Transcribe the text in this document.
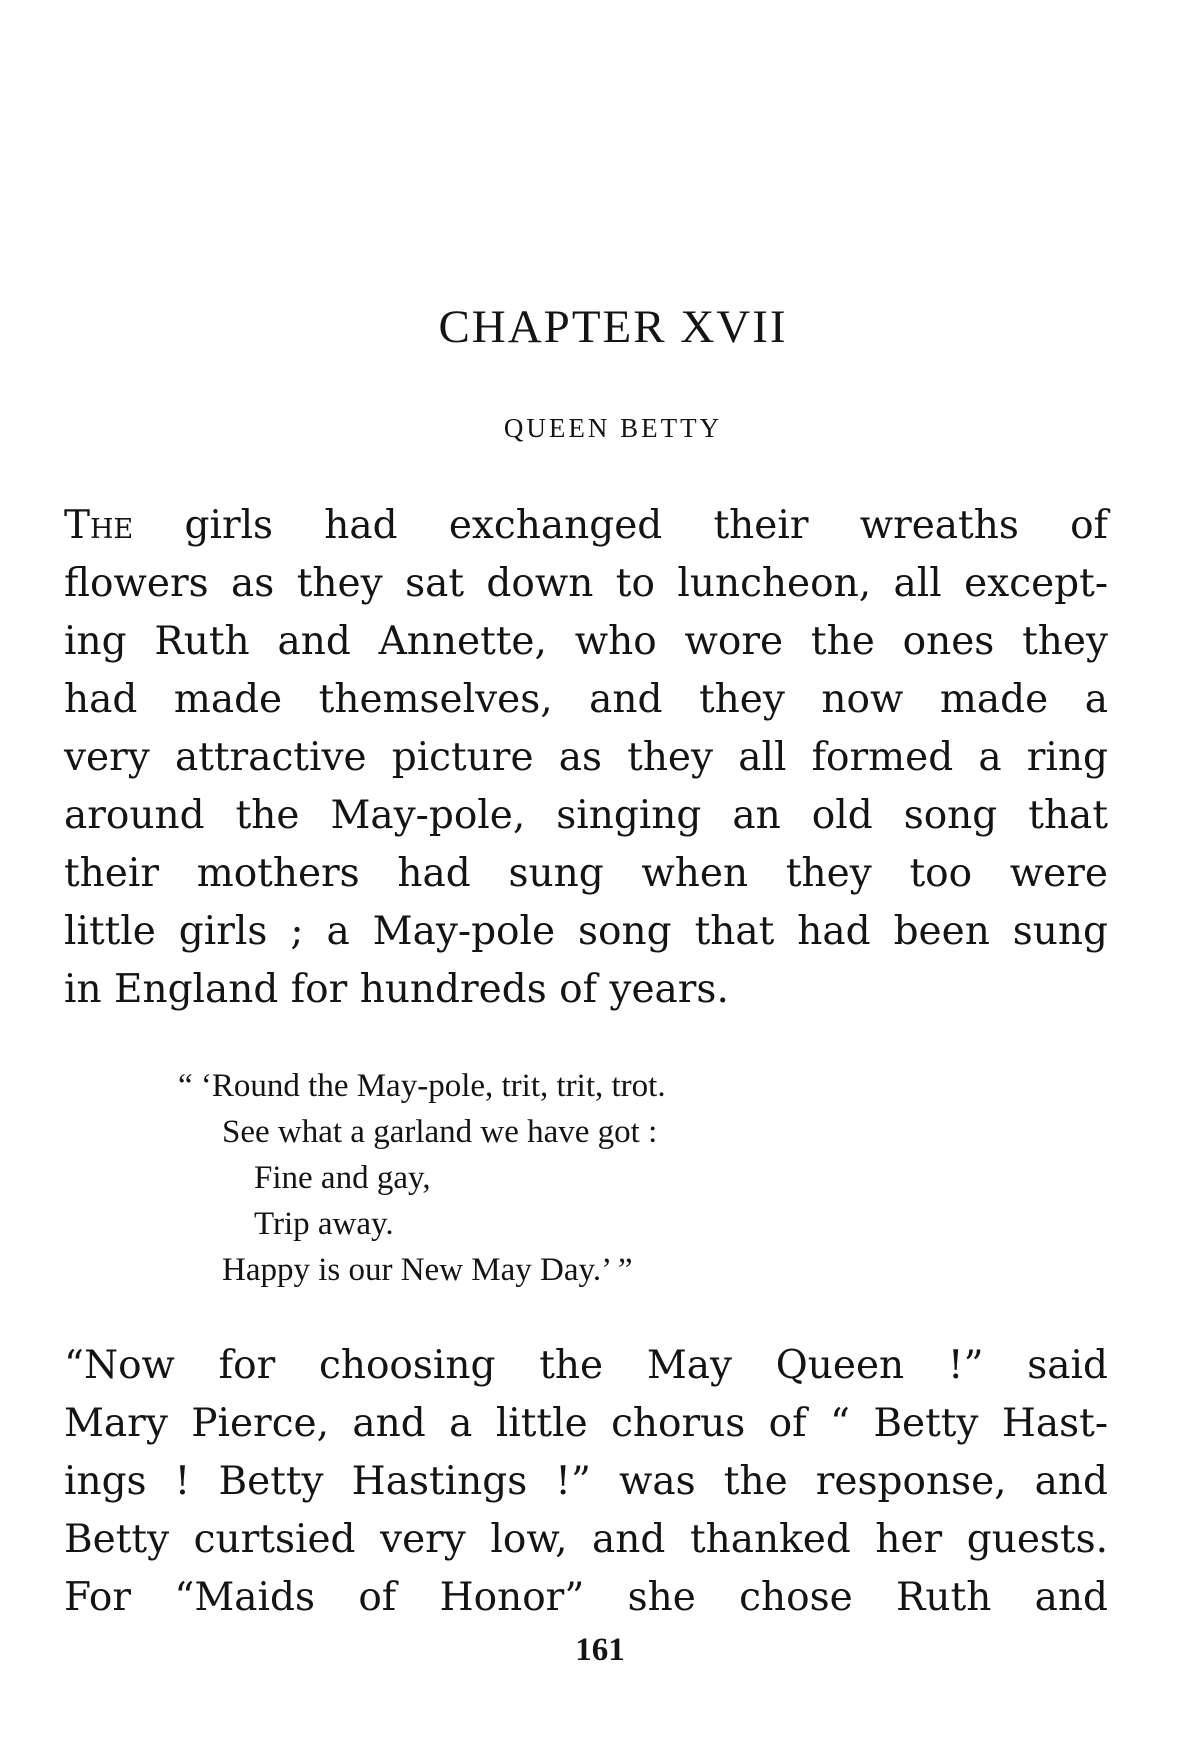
CHAPTER XVII
QUEEN BETTY
The girls had exchanged their wreaths of
flowers as they sat down to luncheon, all except-
ing Ruth and Annette, who wore the ones they
had made themselves, and they now made a
very attractive picture as they all formed a ring
around the May-pole, singing an old song that
their mothers had sung when they too were
little girls ; a May-pole song that had been sung
in England for hundreds of years.
“ ‘Round the May-pole, trit, trit, trot.
See what a garland we have got :
Fine and gay,
Trip away.
Happy is our New May Day.’ ”
“Now for choosing the May Queen !” said
Mary Pierce, and a little chorus of “ Betty Hast-
ings ! Betty Hastings !” was the response, and
Betty curtsied very low, and thanked her guests.
For “Maids of Honor” she chose Ruth and
161
